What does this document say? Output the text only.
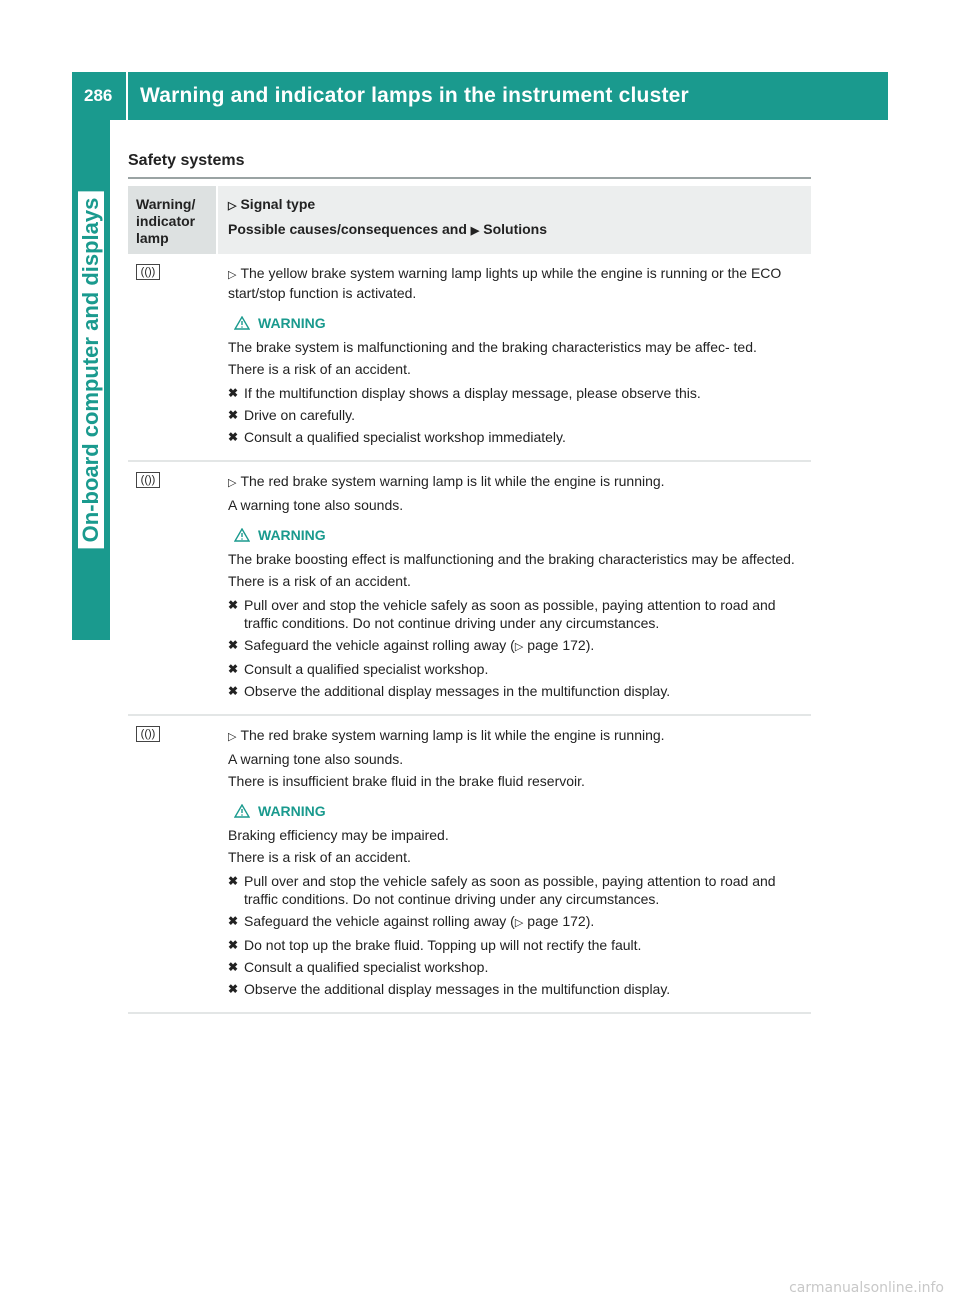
286	Warning and indicator lamps in the instrument cluster
On-board computer and displays
Safety systems
Warning/ indicator lamp
▷ Signal type
Possible causes/consequences and ▶ Solutions
(())	▷ The yellow brake system warning lamp lights up while the engine is running or the ECO start/stop function is activated.

WARNING

The brake system is malfunctioning and the braking characteristics may be affec- ted.

There is a risk of an accident.

✖ If the multifunction display shows a display message, please observe this.
✖ Drive on carefully.
✖ Consult a qualified specialist workshop immediately.
(())	▷ The red brake system warning lamp is lit while the engine is running.

A warning tone also sounds.

WARNING

The brake boosting effect is malfunctioning and the braking characteristics may be affected.

There is a risk of an accident.

✖ Pull over and stop the vehicle safely as soon as possible, paying attention to road and traffic conditions. Do not continue driving under any circumstances.
✖ Safeguard the vehicle against rolling away (▷ page 172).
✖ Consult a qualified specialist workshop.
✖ Observe the additional display messages in the multifunction display.
(())	▷ The red brake system warning lamp is lit while the engine is running.

A warning tone also sounds.

There is insufficient brake fluid in the brake fluid reservoir.

WARNING

Braking efficiency may be impaired.

There is a risk of an accident.

✖ Pull over and stop the vehicle safely as soon as possible, paying attention to road and traffic conditions. Do not continue driving under any circumstances.
✖ Safeguard the vehicle against rolling away (▷ page 172).
✖ Do not top up the brake fluid. Topping up will not rectify the fault.
✖ Consult a qualified specialist workshop.
✖ Observe the additional display messages in the multifunction display.
carmanualsonline.info
